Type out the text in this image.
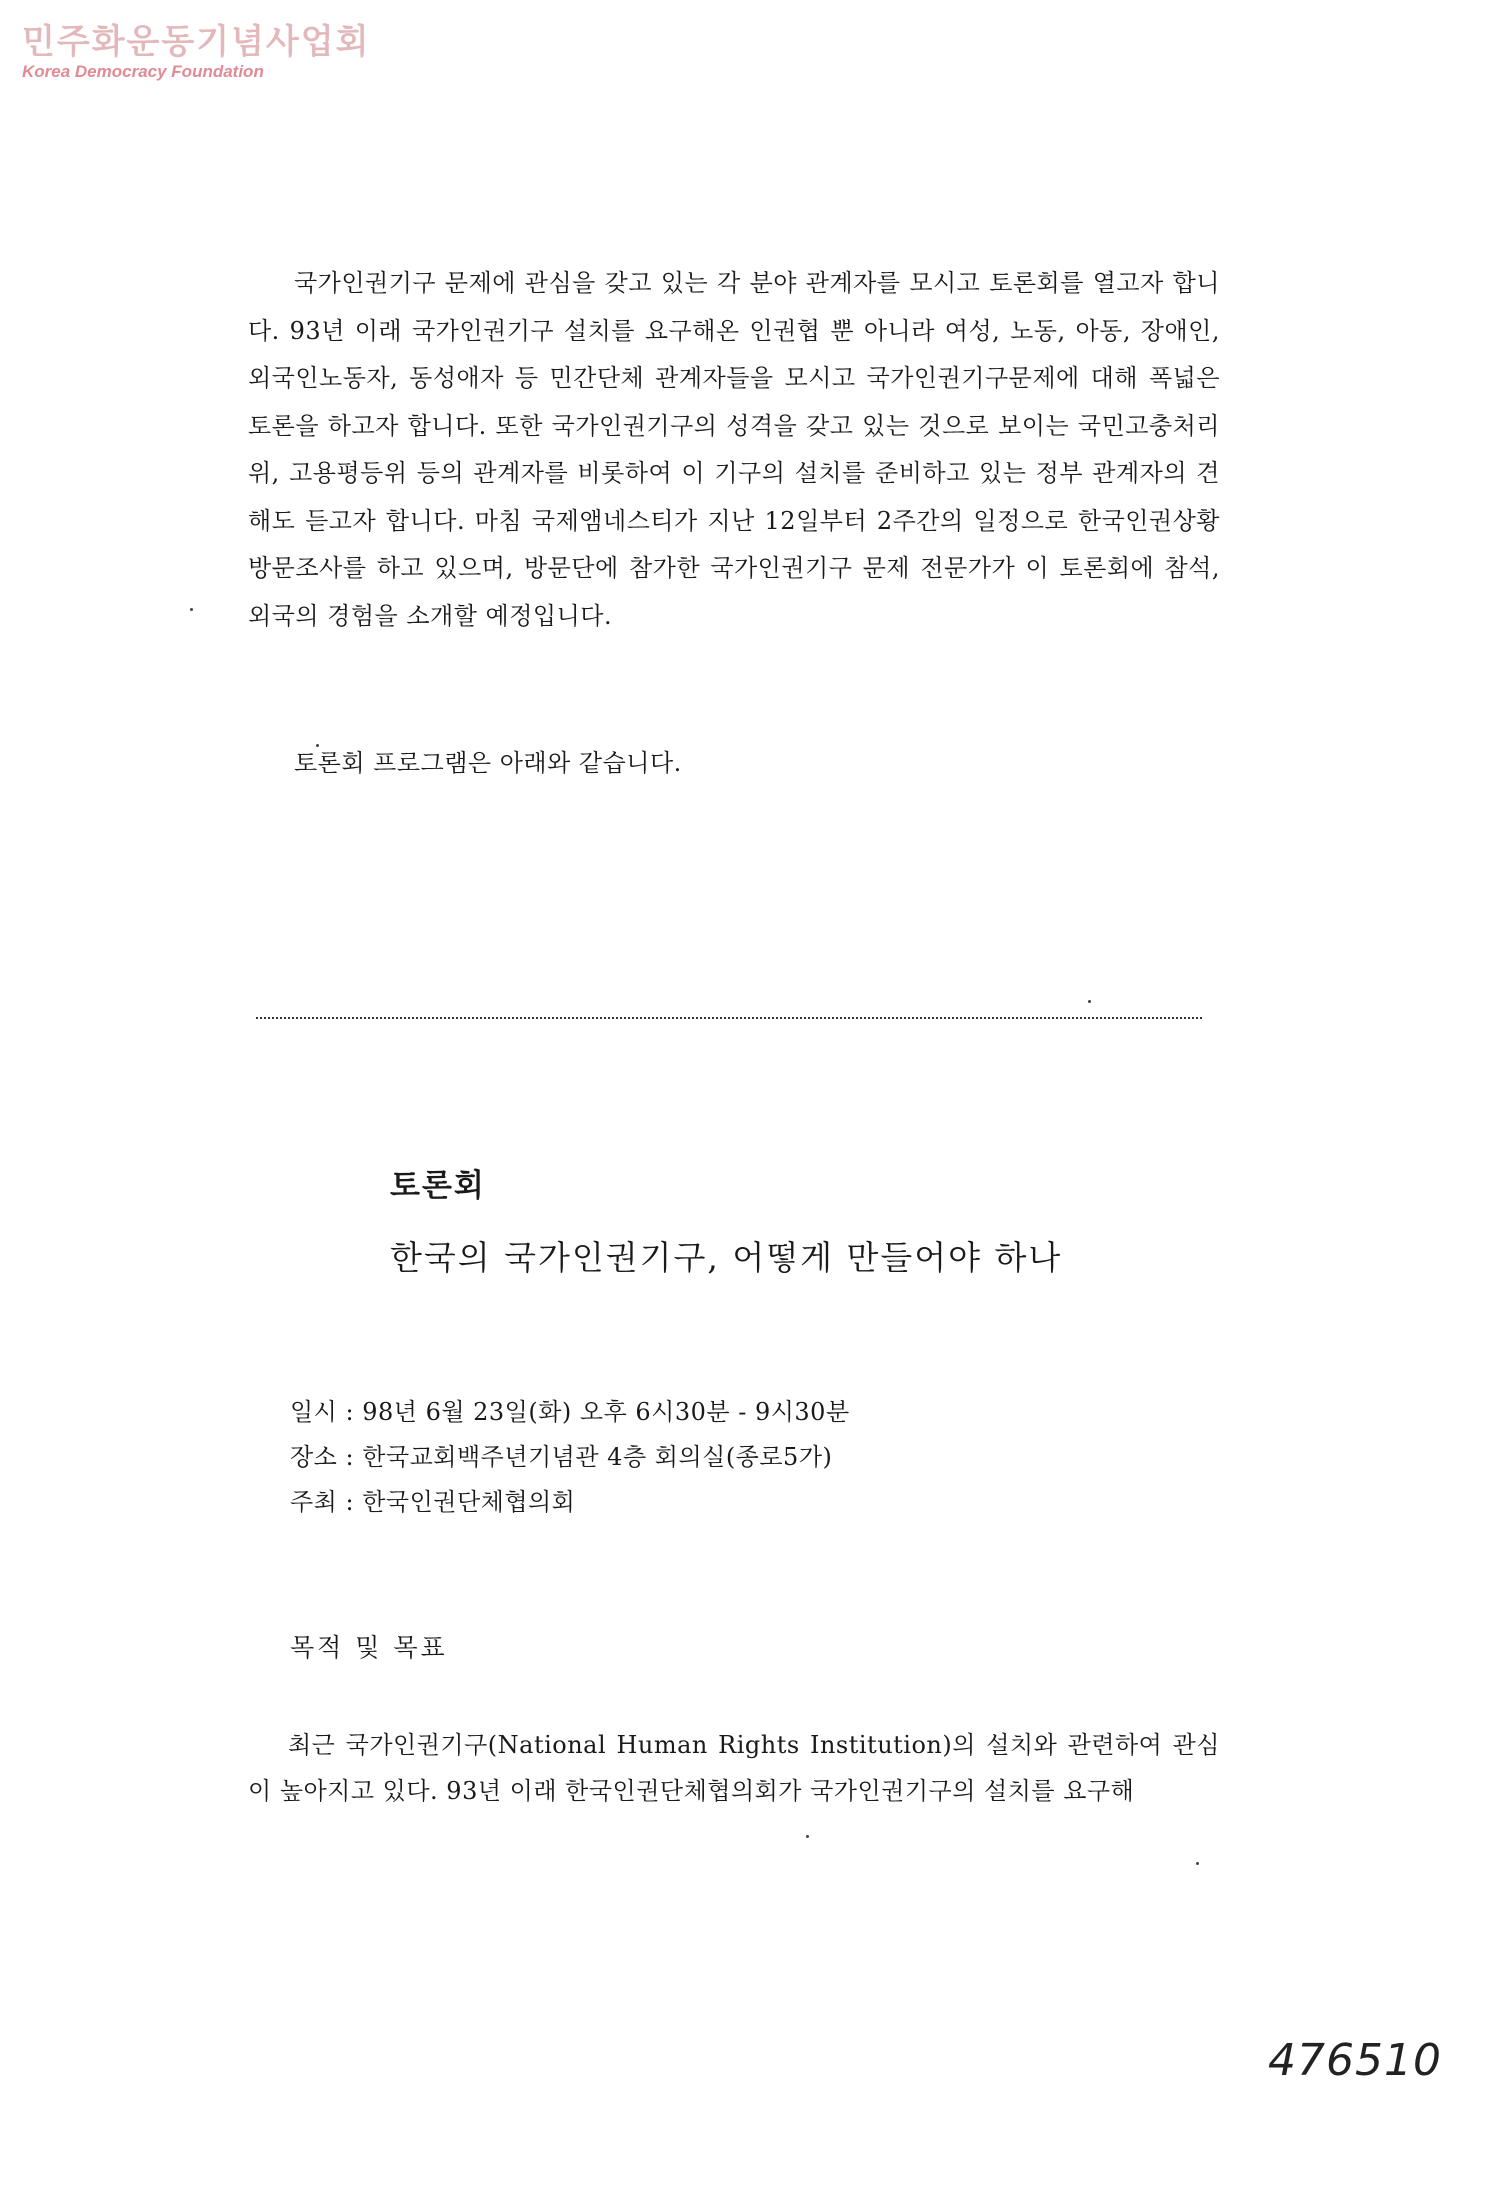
민주화운동기념사업회
Korea Democracy Foundation

국가인권기구 문제에 관심을 갖고 있는 각 분야 관계자를 모시고 토론회를 열고자 합니다. 93년 이래 국가인권기구 설치를 요구해온 인권협 뿐 아니라 여성, 노동, 아동, 장애인, 외국인노동자, 동성애자 등 민간단체 관계자들을 모시고 국가인권기구문제에 대해 폭넓은 토론을 하고자 합니다. 또한 국가인권기구의 성격을 갖고 있는 것으로 보이는 국민고충처리위, 고용평등위 등의 관계자를 비롯하여 이 기구의 설치를 준비하고 있는 정부 관계자의 견해도 듣고자 합니다. 마침 국제앰네스티가 지난 12일부터 2주간의 일정으로 한국인권상황 방문조사를 하고 있으며, 방문단에 참가한 국가인권기구 문제 전문가가 이 토론회에 참석, 외국의 경험을 소개할 예정입니다.

토론회 프로그램은 아래와 같습니다.

토론회
한국의 국가인권기구, 어떻게 만들어야 하나
일시 : 98년 6월 23일(화) 오후 6시30분 - 9시30분
장소 : 한국교회백주년기념관 4층 회의실(종로5가)
주최 : 한국인권단체협의회
목적 및 목표

최근 국가인권기구(National Human Rights Institution)의 설치와 관련하여 관심이 높아지고 있다. 93년 이래 한국인권단체협의회가 국가인권기구의 설치를 요구해

476510
